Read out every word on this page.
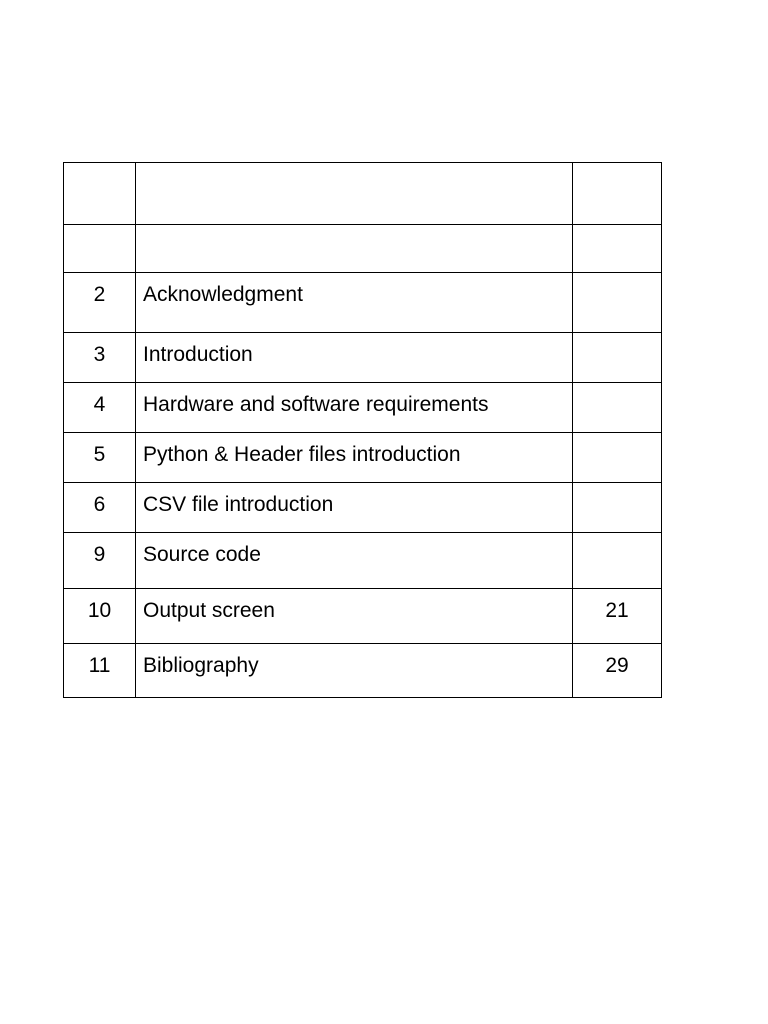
2	Acknowledgment	
3	Introduction	
4	Hardware and software requirements	
5	Python & Header files introduction	
6	CSV file introduction	
9	Source code	
10	Output screen	21
11	Bibliography	29
